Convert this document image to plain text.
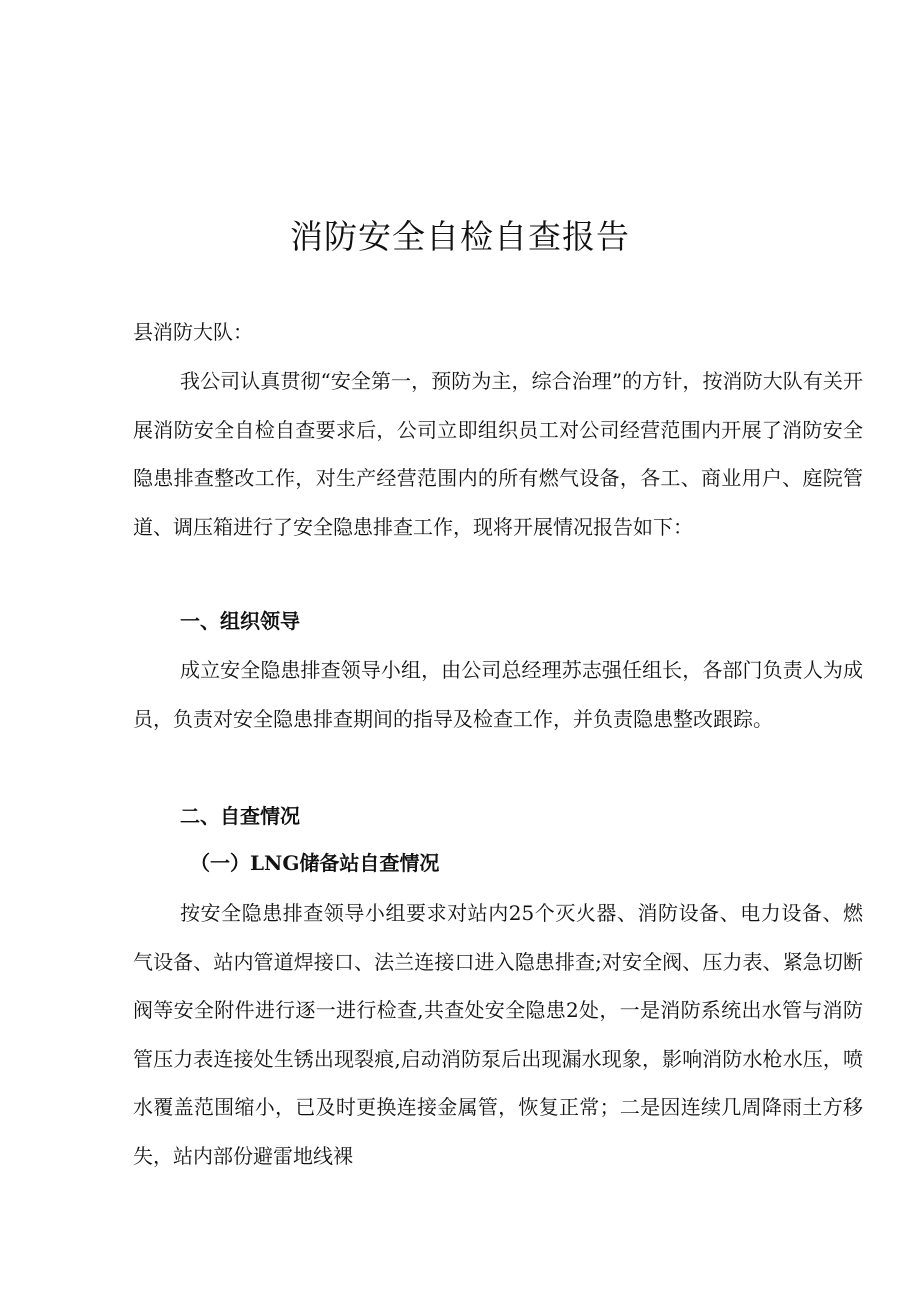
消防安全自检自查报告

县消防大队：

我公司认真贯彻“安全第一，预防为主，综合治理”的方针，按消防大队有关开展消防安全自检自查要求后，公司立即组织员工对公司经营范围内开展了消防安全隐患排查整改工作，对生产经营范围内的所有燃气设备，各工、商业用户、庭院管道、调压箱进行了安全隐患排查工作，现将开展情况报告如下：

一、组织领导

成立安全隐患排查领导小组，由公司总经理苏志强任组长，各部门负责人为成员，负责对安全隐患排查期间的指导及检查工作，并负责隐患整改跟踪。

二、自查情况

（一）LNG储备站自查情况

按安全隐患排查领导小组要求对站内25个灭火器、消防设备、电力设备、燃气设备、站内管道焊接口、法兰连接口进入隐患排查;对安全阀、压力表、紧急切断阀等安全附件进行逐一进行检查,共查处安全隐患2处，一是消防系统出水管与消防管压力表连接处生锈出现裂痕,启动消防泵后出现漏水现象，影响消防水枪水压，喷水覆盖范围缩小，已及时更换连接金属管，恢复正常；二是因连续几周降雨土方移失，站内部份避雷地线裸
